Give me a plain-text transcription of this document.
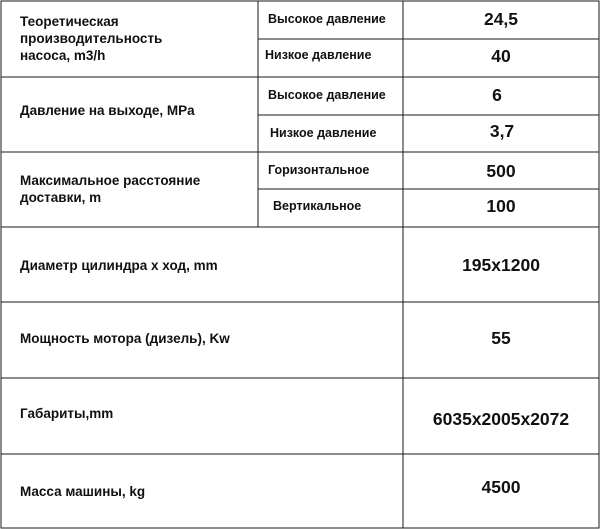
Теоретическая
производительность
насоса, m3/h
Высокое давление	24,5
Низкое давление	40
Давление на выходе, MPa
Высокое давление	6
Низкое давление	3,7
Максимальное расстояние
доставки, m
Горизонтальное	500
Вертикальное	100
Диаметр цилиндра х ход, mm	195x1200
Мощность мотора (дизель), Kw	55
Габариты,mm	6035x2005x2072
Масса машины, kg	4500
